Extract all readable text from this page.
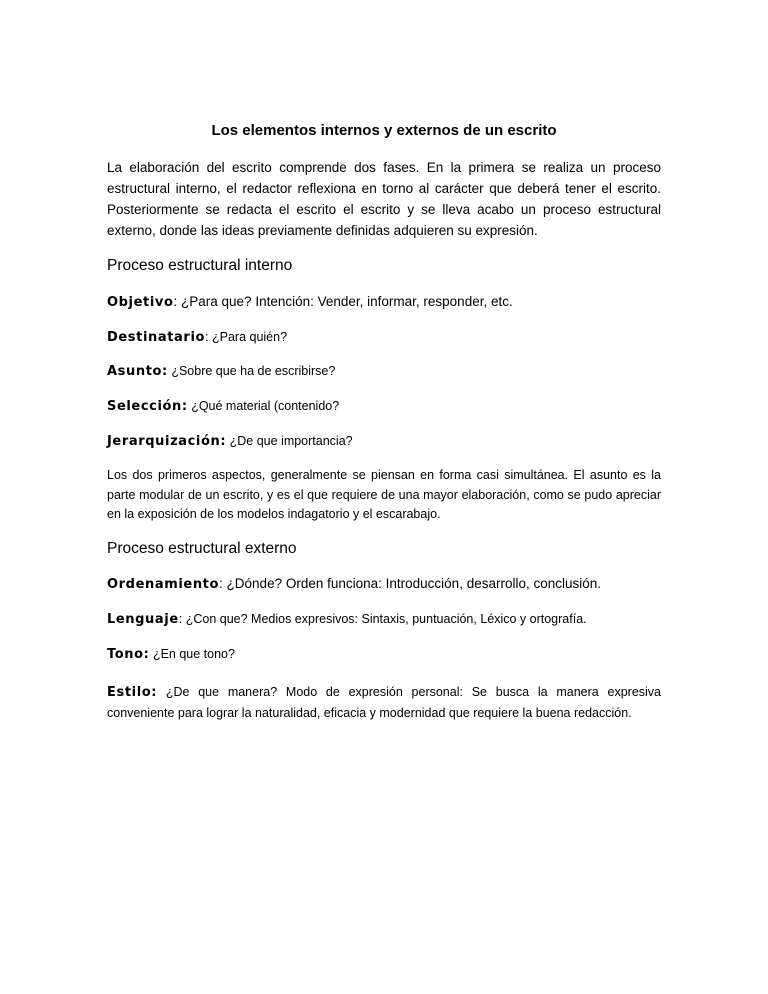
Los elementos internos y externos de un escrito
La elaboración del escrito comprende dos fases. En la primera se realiza un proceso estructural interno, el redactor reflexiona en torno al carácter que deberá tener el escrito. Posteriormente se redacta el escrito el escrito y se lleva acabo un proceso estructural externo, donde las ideas previamente definidas adquieren su expresión.
Proceso estructural interno
Objetivo: ¿Para que? Intención: Vender, informar, responder, etc.
Destinatario: ¿Para quién?
Asunto: ¿Sobre que ha de escribirse?
Selección: ¿Qué material (contenido?
Jerarquización: ¿De que importancia?
Los dos primeros aspectos, generalmente se piensan en forma casi simultánea. El asunto es la parte modular de un escrito, y es el que requiere de una mayor elaboración, como se pudo apreciar en la exposición de los modelos indagatorio y el escarabajo.
Proceso estructural externo
Ordenamiento: ¿Dónde? Orden funciona: Introducción, desarrollo, conclusión.
Lenguaje: ¿Con que? Medios expresivos: Sintaxis, puntuación, Léxico y ortografía.
Tono: ¿En que tono?
Estilo: ¿De que manera? Modo de expresión personal: Se busca la manera expresiva conveniente para lograr la naturalidad, eficacia y modernidad que requiere la buena redacción.
